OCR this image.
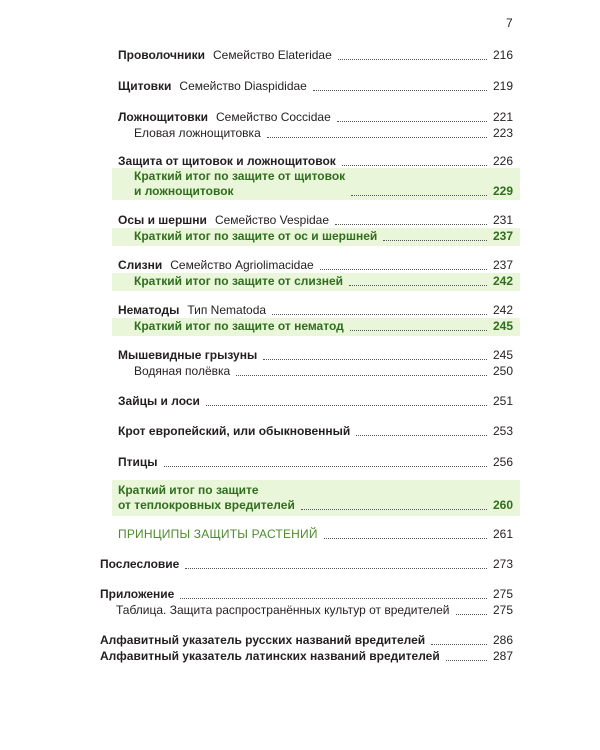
7
Проволочники Семейство Elateridae	216
Щитовки Семейство Diaspididae	219
Ложнощитовки Семейство Coccidae	221
Еловая ложнощитовка	223
Защита от щитовок и ложнощитовок	226
Краткий итог по защите от щитовок
и ложнощитовок	229
Осы и шершни Семейство Vespidae	231
Краткий итог по защите от ос и шершней	237
Слизни Семейство Agriolimacidae	237
Краткий итог по защите от слизней	242
Нематоды Тип Nematoda	242
Краткий итог по защите от нематод	245
Мышевидные грызуны	245
Водяная полёвка	250
Зайцы и лоси	251
Крот европейский, или обыкновенный	253
Птицы	256
Краткий итог по защите
от теплокровных вредителей	260
ПРИНЦИПЫ ЗАЩИТЫ РАСТЕНИЙ	261
Послесловие	273
Приложение	275
Таблица. Защита распространённых культур от вредителей	275
Алфавитный указатель русских названий вредителей	286
Алфавитный указатель латинских названий вредителей	287
